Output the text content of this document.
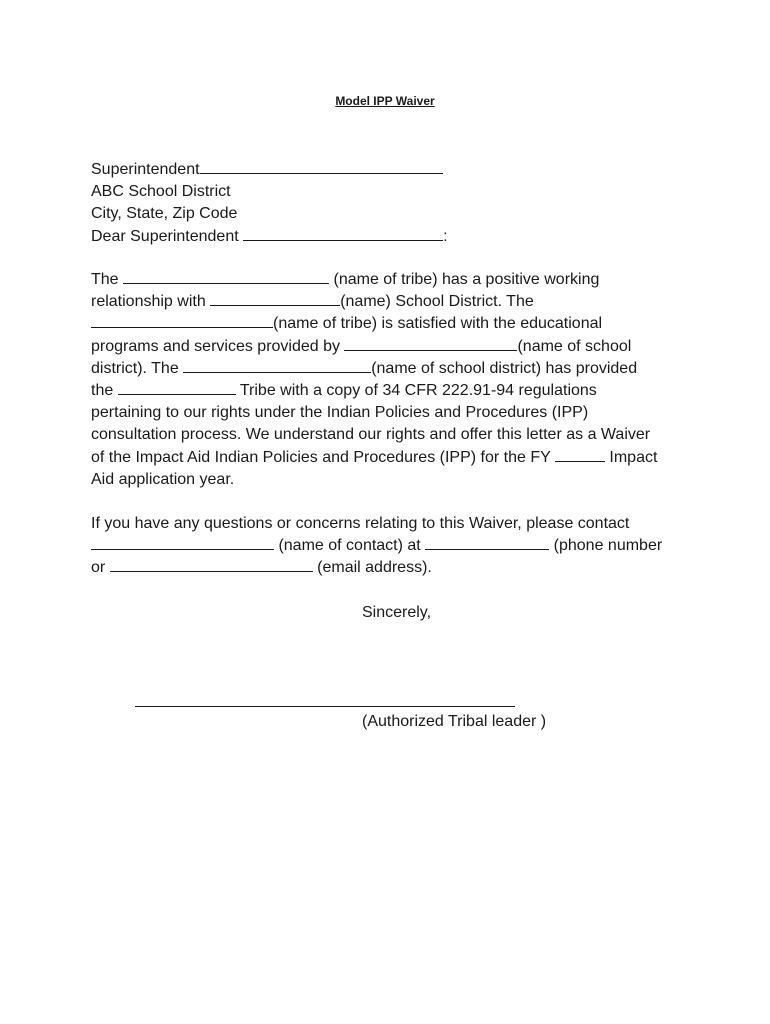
Model IPP Waiver
Superintendent
ABC School District
City, State, Zip Code
Dear Superintendent	:
The	(name of tribe) has a positive working
relationship with	(name) School District. The
(name of tribe) is satisfied with the educational
programs and services provided by	(name of school
district). The	(name of school district) has provided
the	Tribe with a copy of 34 CFR 222.91-94 regulations
pertaining to our rights under the Indian Policies and Procedures (IPP)
consultation process. We understand our rights and offer this letter as a Waiver
of the Impact Aid Indian Policies and Procedures (IPP) for the FY	Impact
Aid application year.
If you have any questions or concerns relating to this Waiver, please contact
(name of contact) at	(phone number
or	(email address).
Sincerely,
(Authorized Tribal leader )
